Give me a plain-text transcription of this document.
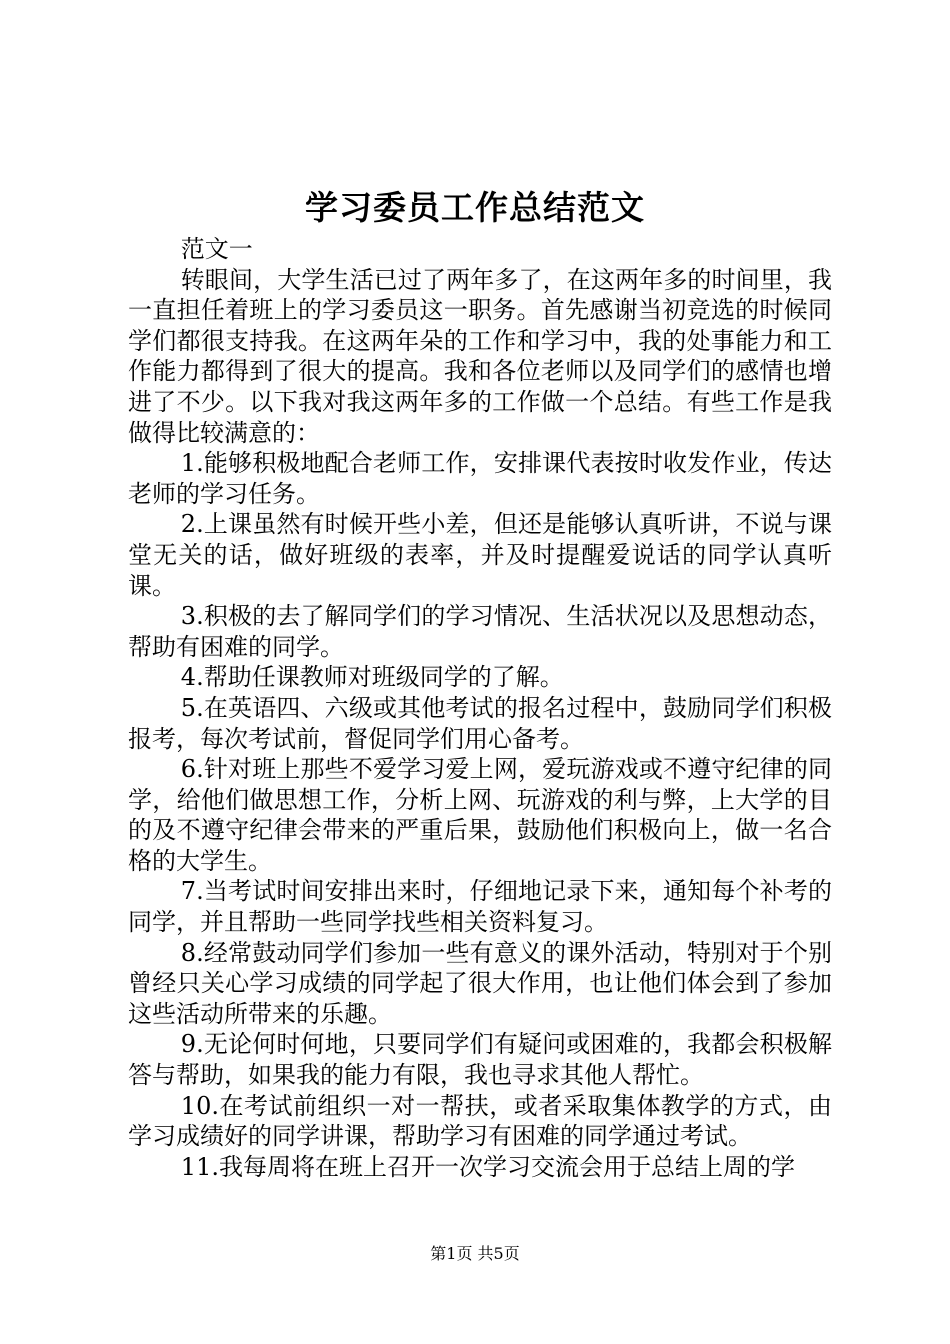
学习委员工作总结范文

范文一

转眼间，大学生活已过了两年多了，在这两年多的时间里，我一直担任着班上的学习委员这一职务。首先感谢当初竞选的时候同学们都很支持我。在这两年朵的工作和学习中，我的处事能力和工作能力都得到了很大的提高。我和各位老师以及同学们的感情也增进了不少。以下我对我这两年多的工作做一个总结。有些工作是我做得比较满意的：

1.能够积极地配合老师工作，安排课代表按时收发作业，传达老师的学习任务。

2.上课虽然有时候开些小差，但还是能够认真听讲，不说与课堂无关的话，做好班级的表率，并及时提醒爱说话的同学认真听课。

3.积极的去了解同学们的学习情况、生活状况以及思想动态，帮助有困难的同学。

4.帮助任课教师对班级同学的了解。

5.在英语四、六级或其他考试的报名过程中，鼓励同学们积极报考，每次考试前，督促同学们用心备考。

6.针对班上那些不爱学习爱上网，爱玩游戏或不遵守纪律的同学，给他们做思想工作，分析上网、玩游戏的利与弊，上大学的目的及不遵守纪律会带来的严重后果，鼓励他们积极向上，做一名合格的大学生。

7.当考试时间安排出来时，仔细地记录下来，通知每个补考的同学，并且帮助一些同学找些相关资料复习。

8.经常鼓动同学们参加一些有意义的课外活动，特别对于个别曾经只关心学习成绩的同学起了很大作用，也让他们体会到了参加这些活动所带来的乐趣。

9.无论何时何地，只要同学们有疑问或困难的，我都会积极解答与帮助，如果我的能力有限，我也寻求其他人帮忙。

10.在考试前组织一对一帮扶，或者采取集体教学的方式，由学习成绩好的同学讲课，帮助学习有困难的同学通过考试。

11.我每周将在班上召开一次学习交流会用于总结上周的学

第1页 共5页
